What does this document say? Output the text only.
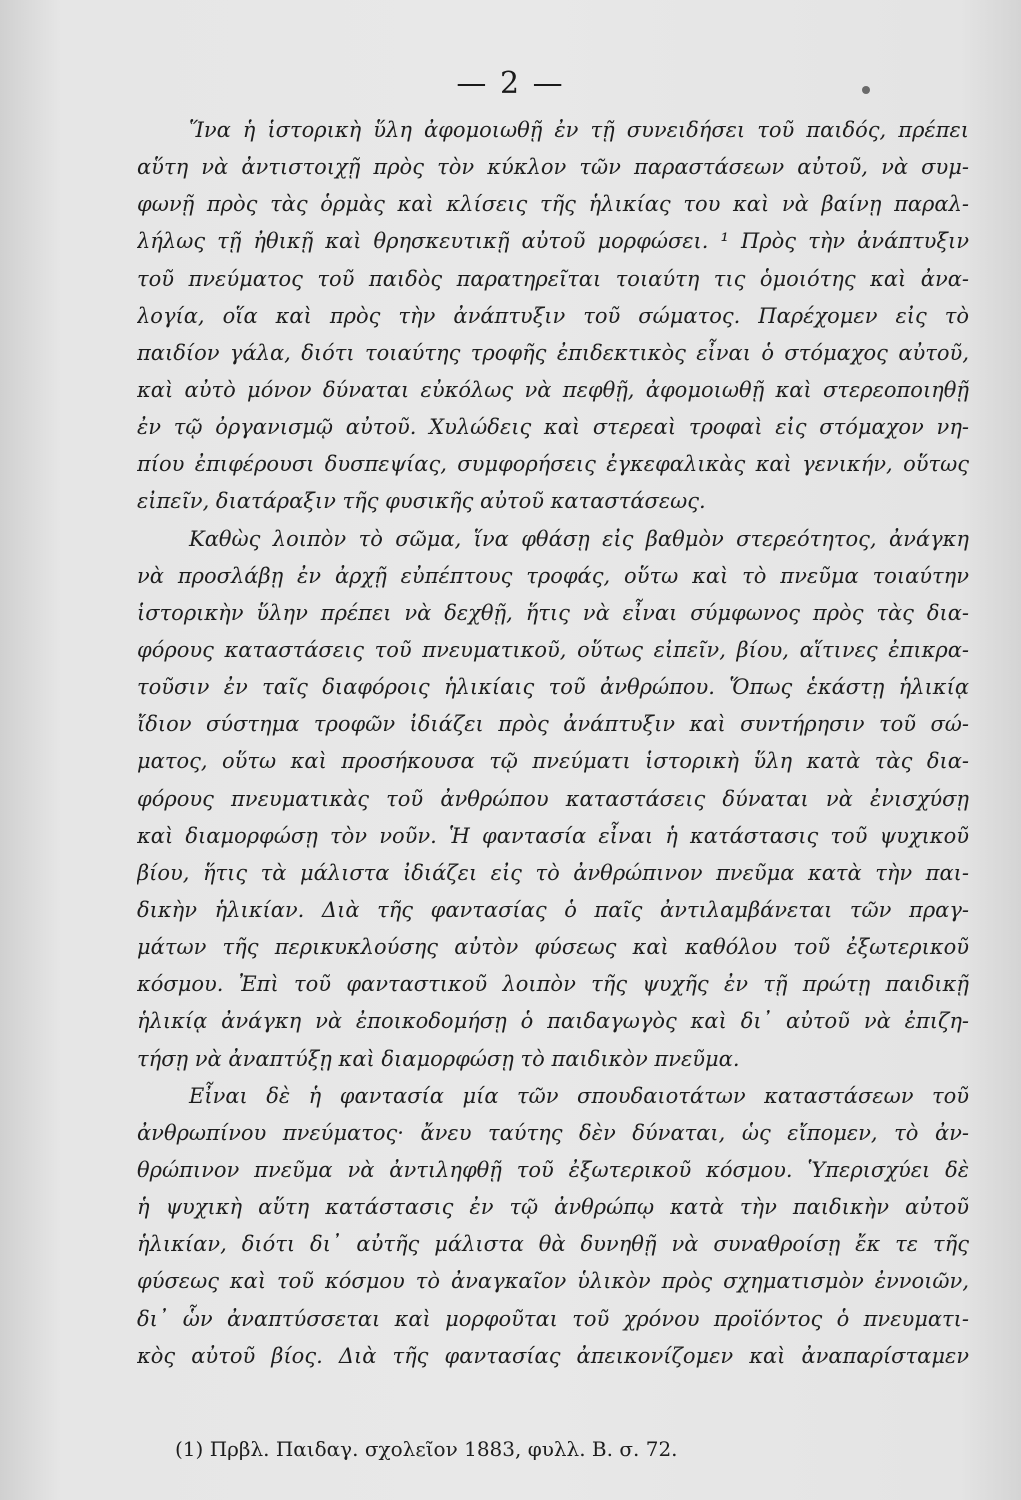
— 2 —
Ἵνα ἡ ἱστορικὴ ὕλη ἀφομοιωθῇ ἐν τῇ συνειδήσει τοῦ παιδός, πρέπει
αὕτη νὰ ἀντιστοιχῇ πρὸς τὸν κύκλον τῶν παραστάσεων αὐτοῦ, νὰ συμ-
φωνῇ πρὸς τὰς ὁρμὰς καὶ κλίσεις τῆς ἡλικίας του καὶ νὰ βαίνῃ παραλ-
λήλως τῇ ἠθικῇ καὶ θρησκευτικῇ αὐτοῦ μορφώσει. ¹ Πρὸς τὴν ἀνάπτυξιν
τοῦ πνεύματος τοῦ παιδὸς παρατηρεῖται τοιαύτη τις ὁμοιότης καὶ ἀνα-
λογία, οἵα καὶ πρὸς τὴν ἀνάπτυξιν τοῦ σώματος. Παρέχομεν εἰς τὸ
παιδίον γάλα, διότι τοιαύτης τροφῆς ἐπιδεκτικὸς εἶναι ὁ στόμαχος αὐτοῦ,
καὶ αὐτὸ μόνον δύναται εὐκόλως νὰ πεφθῇ, ἀφομοιωθῇ καὶ στερεοποιηθῇ
ἐν τῷ ὀργανισμῷ αὐτοῦ. Χυλώδεις καὶ στερεαὶ τροφαὶ εἰς στόμαχον νη-
πίου ἐπιφέρουσι δυσπεψίας, συμφορήσεις ἐγκεφαλικὰς καὶ γενικήν, οὕτως
εἰπεῖν, διατάραξιν τῆς φυσικῆς αὐτοῦ καταστάσεως.
Καθὼς λοιπὸν τὸ σῶμα, ἵνα φθάσῃ εἰς βαθμὸν στερεότητος, ἀνάγκη
νὰ προσλάβῃ ἐν ἀρχῇ εὐπέπτους τροφάς, οὕτω καὶ τὸ πνεῦμα τοιαύτην
ἱστορικὴν ὕλην πρέπει νὰ δεχθῇ, ἥτις νὰ εἶναι σύμφωνος πρὸς τὰς δια-
φόρους καταστάσεις τοῦ πνευματικοῦ, οὕτως εἰπεῖν, βίου, αἵτινες ἐπικρα-
τοῦσιν ἐν ταῖς διαφόροις ἡλικίαις τοῦ ἀνθρώπου. Ὅπως ἑκάστῃ ἡλικίᾳ
ἴδιον σύστημα τροφῶν ἰδιάζει πρὸς ἀνάπτυξιν καὶ συντήρησιν τοῦ σώ-
ματος, οὕτω καὶ προσήκουσα τῷ πνεύματι ἱστορικὴ ὕλη κατὰ τὰς δια-
φόρους πνευματικὰς τοῦ ἀνθρώπου καταστάσεις δύναται νὰ ἐνισχύσῃ
καὶ διαμορφώσῃ τὸν νοῦν. Ἡ φαντασία εἶναι ἡ κατάστασις τοῦ ψυχικοῦ
βίου, ἥτις τὰ μάλιστα ἰδιάζει εἰς τὸ ἀνθρώπινον πνεῦμα κατὰ τὴν παι-
δικὴν ἡλικίαν. Διὰ τῆς φαντασίας ὁ παῖς ἀντιλαμβάνεται τῶν πραγ-
μάτων τῆς περικυκλούσης αὐτὸν φύσεως καὶ καθόλου τοῦ ἐξωτερικοῦ
κόσμου. Ἐπὶ τοῦ φανταστικοῦ λοιπὸν τῆς ψυχῆς ἐν τῇ πρώτῃ παιδικῇ
ἡλικίᾳ ἀνάγκη νὰ ἐποικοδομήσῃ ὁ παιδαγωγὸς καὶ δι᾽ αὐτοῦ νὰ ἐπιζη-
τήσῃ νὰ ἀναπτύξῃ καὶ διαμορφώσῃ τὸ παιδικὸν πνεῦμα.
Εἶναι δὲ ἡ φαντασία μία τῶν σπουδαιοτάτων καταστάσεων τοῦ
ἀνθρωπίνου πνεύματος· ἄνευ ταύτης δὲν δύναται, ὡς εἴπομεν, τὸ ἀν-
θρώπινον πνεῦμα νὰ ἀντιληφθῇ τοῦ ἐξωτερικοῦ κόσμου. Ὑπερισχύει δὲ
ἡ ψυχικὴ αὕτη κατάστασις ἐν τῷ ἀνθρώπῳ κατὰ τὴν παιδικὴν αὐτοῦ
ἡλικίαν, διότι δι᾽ αὐτῆς μάλιστα θὰ δυνηθῇ νὰ συναθροίσῃ ἔκ τε τῆς
φύσεως καὶ τοῦ κόσμου τὸ ἀναγκαῖον ὑλικὸν πρὸς σχηματισμὸν ἐννοιῶν,
δι᾽ ὧν ἀναπτύσσεται καὶ μορφοῦται τοῦ χρόνου προϊόντος ὁ πνευματι-
κὸς αὐτοῦ βίος. Διὰ τῆς φαντασίας ἀπεικονίζομεν καὶ ἀναπαρίσταμεν
(1) Πρβλ. Παιδαγ. σχολεῖον 1883, φυλλ. Β. σ. 72.
